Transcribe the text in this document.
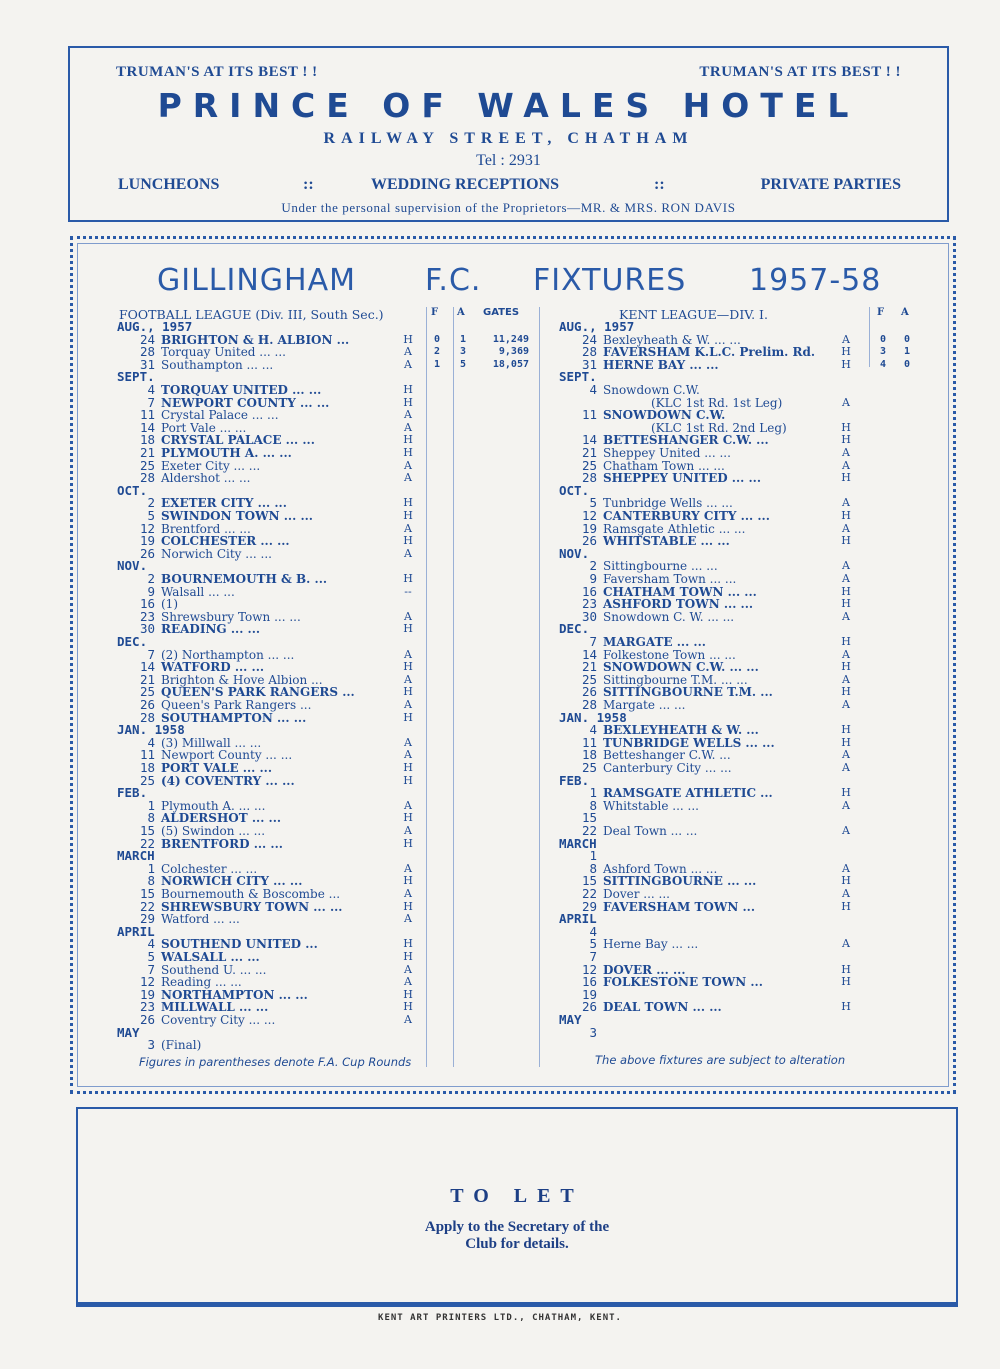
TRUMAN'S AT ITS BEST ! !	TRUMAN'S AT ITS BEST ! !
PRINCE OF WALES HOTEL
RAILWAY STREET, CHATHAM
Tel : 2931
LUNCHEONS	::	WEDDING RECEPTIONS	::	PRIVATE PARTIES
Under the personal supervision of the Proprietors—MR. & MRS. RON DAVIS
GILLINGHAM F.C. FIXTURES 1957-58
FOOTBALL LEAGUE (Div. III, South Sec.)	F A GATES
AUG., 1957
24 BRIGHTON & H. ALBION ...	H 0 1	11,249
28 Torquay United ... ...	A	2 3	9,369
31 Southampton ... ...	A	1 5	18,057
SEPT.
4 TORQUAY UNITED ... ...	H
7 NEWPORT COUNTY ... ...	H
11 Crystal Palace ... ...	A
14 Port Vale ... ...	A
18 CRYSTAL PALACE ... ...	H
21 PLYMOUTH A. ... ...	H
25 Exeter City ... ...	A
28 Aldershot ... ...	A
OCT.
2 EXETER CITY ... ...	H
5 SWINDON TOWN ... ...	H
12 Brentford ... ...	A
19 COLCHESTER ... ...	H
26 Norwich City ... ...	A
NOV.
2 BOURNEMOUTH & B. ...	H
9 Walsall ... ...	--
16 (1)
23 Shrewsbury Town ... ...	A
30 READING ... ...	H
DEC.
7 (2) Northampton ... ...	A
14 WATFORD ... ...	H
21 Brighton & Hove Albion ...	A
25 QUEEN'S PARK RANGERS ...	H
26 Queen's Park Rangers ...	A
28 SOUTHAMPTON ... ...	H
JAN. 1958
4 (3) Millwall ... ...	A
11 Newport County ... ...	A
18 PORT VALE ... ...	H
25 (4) COVENTRY ... ...	H
FEB.
1 Plymouth A. ... ...	A
8 ALDERSHOT ... ...	H
15 (5) Swindon ... ...	A
22 BRENTFORD ... ...	H
MARCH
1 Colchester ... ...	A
8 NORWICH CITY ... ...	H
15 Bournemouth & Boscombe ...	A
22 SHREWSBURY TOWN ... ...	H
29 Watford ... ...	A
APRIL
4 SOUTHEND UNITED ...	H
5 WALSALL ... ...	H
7 Southend U. ... ...	A
12 Reading ... ...	A
19 NORTHAMPTON ... ...	H
23 MILLWALL ... ...	H
26 Coventry City ... ...	A
MAY
3 (Final)
KENT LEAGUE—DIV. I.	F A
AUG., 1957
24 Bexleyheath & W. ... ...	A	0 0
28 FAVERSHAM K.L.C. Prelim. Rd. H	3 1
31 HERNE BAY ... ...	H	4 0
SEPT.
4 Snowdown C.W.
(KLC 1st Rd. 1st Leg)	A
11 SNOWDOWN C.W.
(KLC 1st Rd. 2nd Leg)	H
14 BETTESHANGER C.W. ...	H
21 Sheppey United ... ...	A
25 Chatham Town ... ...	A
28 SHEPPEY UNITED ... ...	H
OCT.
5 Tunbridge Wells ... ...	A
12 CANTERBURY CITY ... ...	H
19 Ramsgate Athletic ... ...	A
26 WHITSTABLE ... ...	H
NOV.
2 Sittingbourne ... ...	A
9 Faversham Town ... ...	A
16 CHATHAM TOWN ... ...	H
23 ASHFORD TOWN ... ...	H
30 Snowdown C. W. ... ...	A
DEC.
7 MARGATE ... ...	H
14 Folkestone Town ... ...	A
21 SNOWDOWN C.W. ... ...	H
25 Sittingbourne T.M. ... ...	A
26 SITTINGBOURNE T.M. ...	H
28 Margate ... ...	A
JAN. 1958
4 BEXLEYHEATH & W. ...	H
11 TUNBRIDGE WELLS ... ...	H
18 Betteshanger C.W. ...	A
25 Canterbury City ... ...	A
FEB.
1 RAMSGATE ATHLETIC ...	H
8 Whitstable ... ...	A
15
22 Deal Town ... ...	A
MARCH
1
8 Ashford Town ... ...	A
15 SITTINGBOURNE ... ...	H
22 Dover ... ...	A
29 FAVERSHAM TOWN ...	H
APRIL
4
5 Herne Bay ... ...	A
7
12 DOVER ... ...	H
16 FOLKESTONE TOWN ...	H
19
26 DEAL TOWN ... ...	H
MAY
3
Figures in parentheses denote F.A. Cup Rounds	The above fixtures are subject to alteration
TO LET
Apply to the Secretary of the
Club for details.
KENT ART PRINTERS LTD., CHATHAM, KENT.
